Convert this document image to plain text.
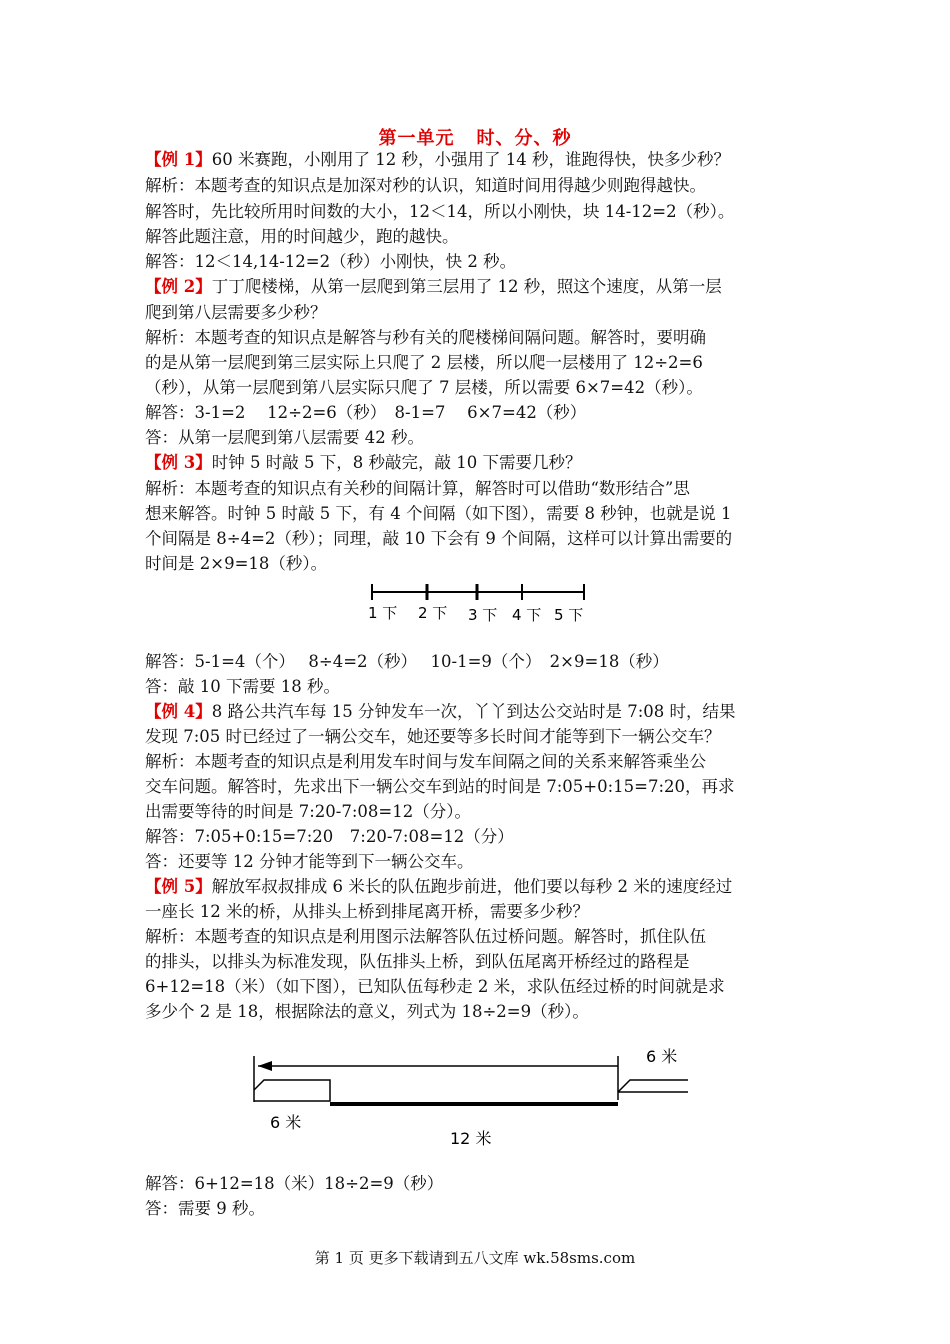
第一单元 时、分、秒
【例 1】60 米赛跑，小刚用了 12 秒，小强用了 14 秒，谁跑得快，快多少秒？
解析：本题考查的知识点是加深对秒的认识，知道时间用得越少则跑得越快。
解答时，先比较所用时间数的大小，12＜14，所以小刚快，块 14-12=2（秒）。
解答此题注意，用的时间越少，跑的越快。
解答：12＜14,14-12=2（秒）小刚快，快 2 秒。
【例 2】丁丁爬楼梯，从第一层爬到第三层用了 12 秒，照这个速度，从第一层
爬到第八层需要多少秒？
解析：本题考查的知识点是解答与秒有关的爬楼梯间隔问题。解答时，要明确
的是从第一层爬到第三层实际上只爬了 2 层楼，所以爬一层楼用了 12÷2=6
（秒），从第一层爬到第八层实际只爬了 7 层楼，所以需要 6×7=42（秒）。
解答：3-1=2　 12÷2=6（秒）　8-1=7　 6×7=42（秒）
答：从第一层爬到第八层需要 42 秒。
【例 3】时钟 5 时敲 5 下，8 秒敲完，敲 10 下需要几秒？
解析：本题考查的知识点有关秒的间隔计算，解答时可以借助“数形结合”思
想来解答。时钟 5 时敲 5 下，有 4 个间隔（如下图），需要 8 秒钟，也就是说 1
个间隔是 8÷4=2（秒）；同理，敲 10 下会有 9 个间隔，这样可以计算出需要的
时间是 2×9=18（秒）。
1 下 2 下 3 下 4 下 5 下
解答：5-1=4（个）　 8÷4=2（秒）　 10-1=9（个）　2×9=18（秒）
答：敲 10 下需要 18 秒。
【例 4】8 路公共汽车每 15 分钟发车一次，丫丫到达公交站时是 7:08 时，结果
发现 7:05 时已经过了一辆公交车，她还要等多长时间才能等到下一辆公交车？
解析：本题考查的知识点是利用发车时间与发车间隔之间的关系来解答乘坐公
交车问题。解答时，先求出下一辆公交车到站的时间是 7:05+0:15=7:20，再求
出需要等待的时间是 7:20-7:08=12（分）。
解答：7:05+0:15=7:20　7:20-7:08=12（分）
答：还要等 12 分钟才能等到下一辆公交车。
【例 5】解放军叔叔排成 6 米长的队伍跑步前进，他们要以每秒 2 米的速度经过
一座长 12 米的桥，从排头上桥到排尾离开桥，需要多少秒？
解析：本题考查的知识点是利用图示法解答队伍过桥问题。解答时，抓住队伍
的排头，以排头为标准发现，队伍排头上桥，到队伍尾离开桥经过的路程是
6+12=18（米）（如下图），已知队伍每秒走 2 米，求队伍经过桥的时间就是求
多少个 2 是 18，根据除法的意义，列式为 18÷2=9（秒）。
6 米
6 米
12 米
解答：6+12=18（米）18÷2=9（秒）
答：需要 9 秒。
第 1 页 更多下载请到五八文库 wk.58sms.com
